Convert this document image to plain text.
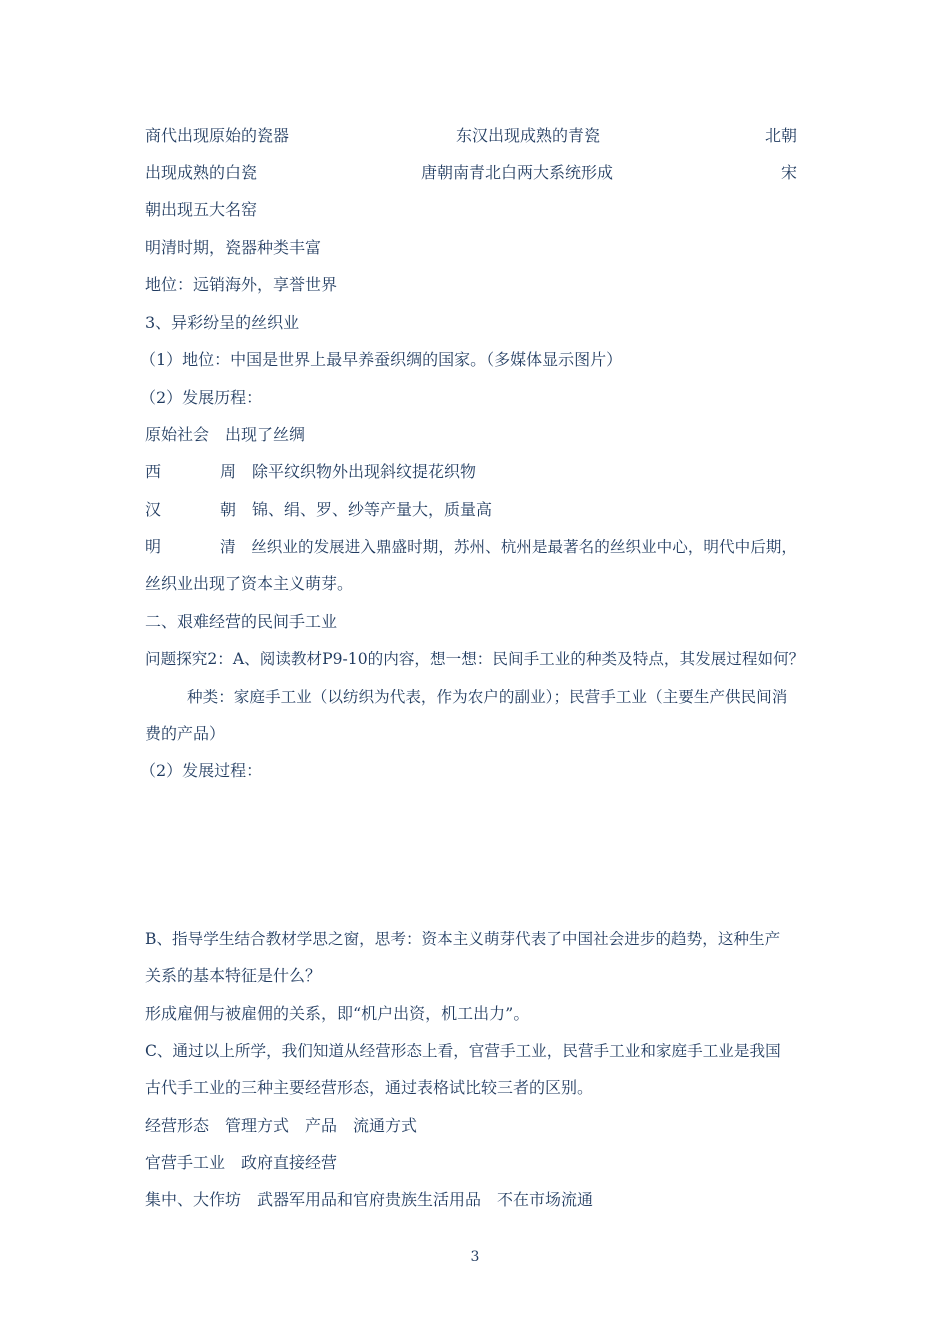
商代出现原始的瓷器	东汉出现成熟的青瓷	北朝
出现成熟的白瓷	唐朝南青北白两大系统形成	宋
朝出现五大名窑
明清时期，瓷器种类丰富
地位：远销海外，享誉世界
3、异彩纷呈的丝织业
（1）地位：中国是世界上最早养蚕织绸的国家。（多媒体显示图片）
（2）发展历程：
原始社会　出现了丝绸
西	周　除平纹织物外出现斜纹提花织物
汉	朝　锦、绢、罗、纱等产量大，质量高
明	清　丝织业的发展进入鼎盛时期，苏州、杭州是最著名的丝织业中心，明代中后期，
丝织业出现了资本主义萌芽。
二、艰难经营的民间手工业
问题探究2：A、阅读教材P9-10的内容，想一想：民间手工业的种类及特点，其发展过程如何？
种类：家庭手工业（以纺织为代表，作为农户的副业）；民营手工业（主要生产供民间消
费的产品）
（2）发展过程：
B、指导学生结合教材学思之窗，思考：资本主义萌芽代表了中国社会进步的趋势，这种生产
关系的基本特征是什么？
形成雇佣与被雇佣的关系，即“机户出资，机工出力”。
C、通过以上所学，我们知道从经营形态上看，官营手工业，民营手工业和家庭手工业是我国
古代手工业的三种主要经营形态，通过表格试比较三者的区别。
经营形态　管理方式　产品　流通方式
官营手工业　政府直接经营
集中、大作坊　武器军用品和官府贵族生活用品　不在市场流通
3
